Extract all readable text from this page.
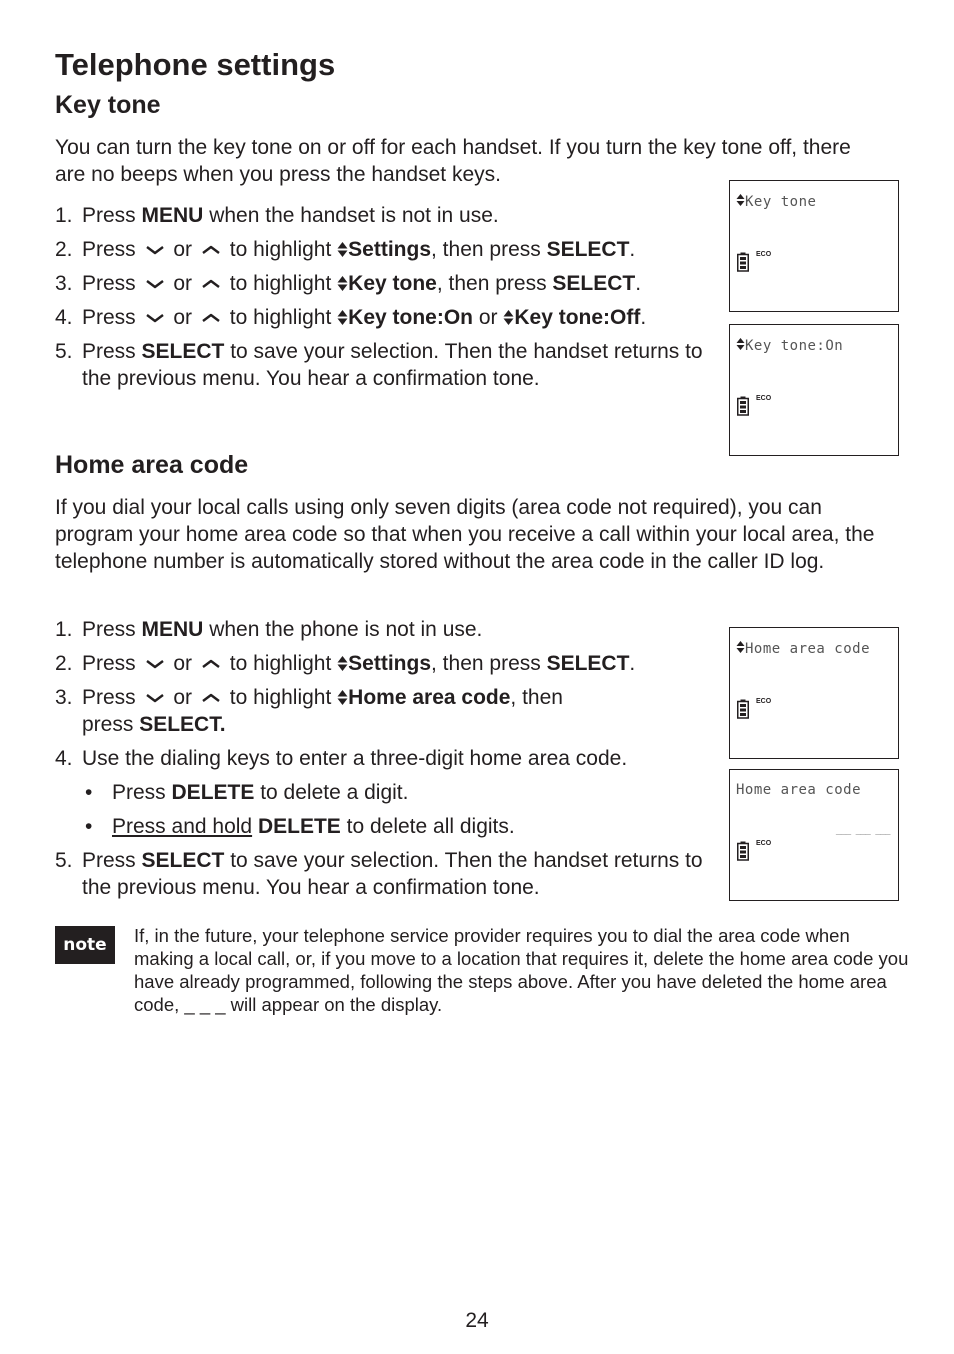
Telephone settings
Key tone
You can turn the key tone on or off for each handset. If you turn the key tone off, there are no beeps when you press the handset keys.
1. Press MENU when the handset is not in use.
2. Press or to highlight Settings, then press SELECT.
3. Press or to highlight Key tone, then press SELECT.
4. Press or to highlight Key tone:On or
Key tone:Off.
5. Press SELECT to save your selection. Then the handset returns to the previous menu. You hear a confirmation tone.
Key tone
ECO
Key tone:On
ECO
Home area code
If you dial your local calls using only seven digits (area code not required), you can program your home area code so that when you receive a call within your local area, the telephone number is automatically stored without the area code in the caller ID log.
1. Press MENU when the phone is not in use.
2. Press or to highlight Settings, then press SELECT.
3. Press or to highlight Home area code, then press SELECT.
4. Use the dialing keys to enter a three-digit home area code.
• Press DELETE to delete a digit.
• Press and hold DELETE to delete all digits.
5. Press SELECT to save your selection. Then the handset returns to the previous menu. You hear a confirmation tone.
Home area code
ECO
Home area code
___ ___ ___
ECO
note	If, in the future, your telephone service provider requires you to dial the area code when making a local call, or, if you move to a location that requires it, delete the home area code you have already programmed, following the steps above. After you have deleted the home area code, _ _ _ will appear on the display.
24
